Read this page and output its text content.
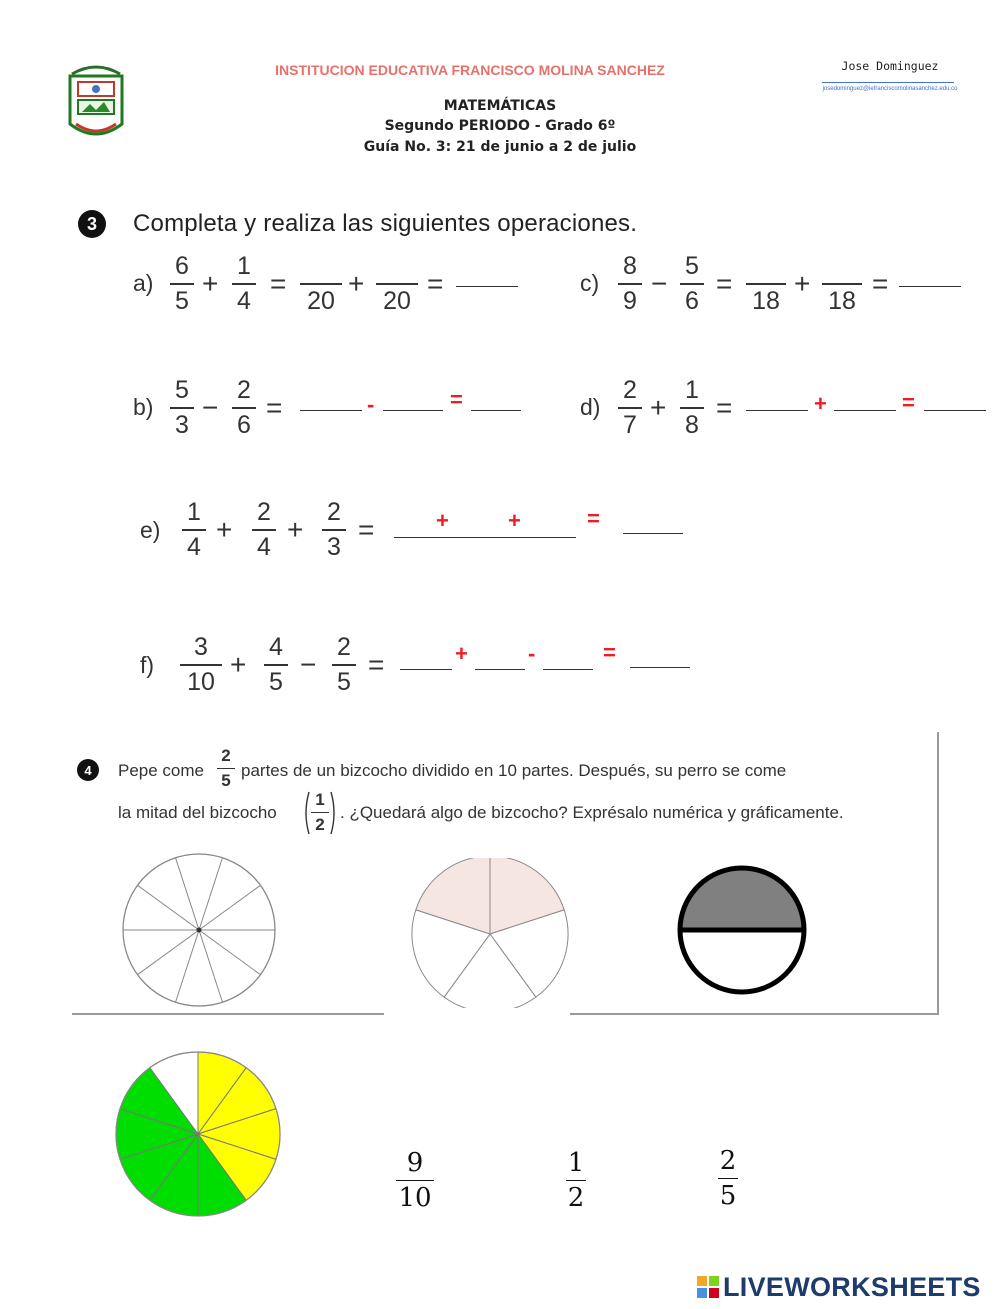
INSTITUCION EDUCATIVA FRANCISCO MOLINA SANCHEZ
MATEMÁTICAS
Segundo PERIODO - Grado 6º
Guía No. 3: 21 de junio a 2 de julio
Jose Dominguez
josedominguez@iefranciscomolinasanchez.edu.co
3	Completa y realiza las siguientes operaciones.
a)
6
5
+
1
4
=
20
+
20
=	c)
8
9
−
5
6
=
18
+
18
=
b)
5
3
−
2
6
=	-	=	d)
2
7
+
1
8
=	+	=
e)
1
4
+
2
4
+
2
3
=	+	+	=
f)
3
10
+
4
5
−
2
5
=	+	-	=
4	Pepe come
2
5
partes de un bizcocho dividido en 10 partes. Después, su perro se come
la mitad del bizcocho
1
2
. ¿Quedará algo de bizcocho? Exprésalo numérica y gráficamente.
9
10
1
2
2
5
LIVEWORKSHEETS
